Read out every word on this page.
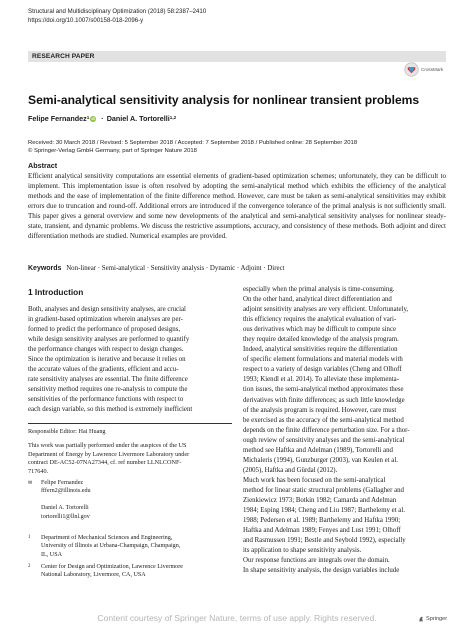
Structural and Multidisciplinary Optimization (2018) 58:2387–2410
https://doi.org/10.1007/s00158-018-2096-y
RESEARCH PAPER
CrossMark
Semi-analytical sensitivity analysis for nonlinear transient problems
Felipe Fernandez$^1$ iD · Daniel A. Tortorelli$^{1,2}$
Received: 30 March 2018 / Revised: 5 September 2018 / Accepted: 7 September 2018 / Published online: 28 September 2018
© Springer-Verlag GmbH Germany, part of Springer Nature 2018
Abstract
Efficient analytical sensitivity computations are essential elements of gradient-based optimization schemes; unfortunately, they can be difficult to implement. This implementation issue is often resolved by adopting the semi-analytical method which exhibits the efficiency of the analytical methods and the ease of implementation of the finite difference method. However, care must be taken as semi-analytical sensitivities may exhibit errors due to truncation and round-off. Additional errors are introduced if the convergence tolerance of the primal analysis is not sufficiently small. This paper gives a general overview and some new developments of the analytical and semi-analytical sensitivity analyses for nonlinear steady-state, transient, and dynamic problems. We discuss the restrictive assumptions, accuracy, and consistency of these methods. Both adjoint and direct differentiation methods are studied. Numerical examples are provided.
Keywords Non-linear · Semi-analytical · Sensitivity analysis · Dynamic · Adjoint · Direct
1 Introduction
Both, analyses and design sensitivity analyses, are crucial
in gradient-based optimization wherein analyses are per-
formed to predict the performance of proposed designs,
while design sensitivity analyses are performed to quantify
the performance changes with respect to design changes.
Since the optimization is iterative and because it relies on
the accurate values of the gradients, efficient and accu-
rate sensitivity analyses are essential. The finite difference
sensitivity method requires one re-analysis to compute the
sensitivities of the performance functions with respect to
each design variable, so this method is extremely inefficient
especially when the primal analysis is time-consuming.
On the other hand, analytical direct differentiation and
adjoint sensitivity analyses are very efficient. Unfortunately,
this efficiency requires the analytical evaluation of vari-
ous derivatives which may be difficult to compute since
they require detailed knowledge of the analysis program.
Indeed, analytical sensitivities require the differentiation
of specific element formulations and material models with
respect to a variety of design variables (Cheng and Olhoff
1993; Kiendl et al. 2014). To alleviate these implementa-
tion issues, the semi-analytical method approximates these
derivatives with finite differences; as such little knowledge
of the analysis program is required. However, care must
be exercised as the accuracy of the semi-analytical method
depends on the finite difference perturbation size. For a thor-
ough review of sensitivity analyses and the semi-analytical
method see Haftka and Adelman (1989), Tortorelli and
Michaleris (1994), Gunzburger (2003), van Keulen et al.
(2005), Haftka and Gürdal (2012).
Much work has been focused on the semi-analytical
method for linear static structural problems (Gallagher and
Zienkiewicz 1973; Botkin 1982; Camarda and Adelman
1984; Esping 1984; Cheng and Liu 1987; Barthelemy et al.
1988; Pedersen et al. 1989; Barthelemy and Haftka 1990;
Haftka and Adelman 1989; Fenyes and Lust 1991; Olhoff
and Rasmussen 1991; Bestle and Seybold 1992), especially
its application to shape sensitivity analysis.
Our response functions are integrals over the domain.
In shape sensitivity analysis, the design variables include
Responsible Editor: Hai Huang
This work was partially performed under the auspices of the US
Department of Energy by Lawrence Livermore Laboratory under
contract DE-AC52-07NA27344, cf. ref number LLNLCONF-
717640.
✉ Felipe Fernandez
fffern2@illinois.edu

Daniel A. Tortorelli
tortorelli1@llnl.gov
1 Department of Mechanical Sciences and Engineering,
University of Illinois at Urbana-Champaign, Champaign,
IL, USA
2 Center for Design and Optimization, Lawrence Livermore
National Laboratory, Livermore, CA, USA
Springer
Content courtesy of Springer Nature, terms of use apply. Rights reserved.
